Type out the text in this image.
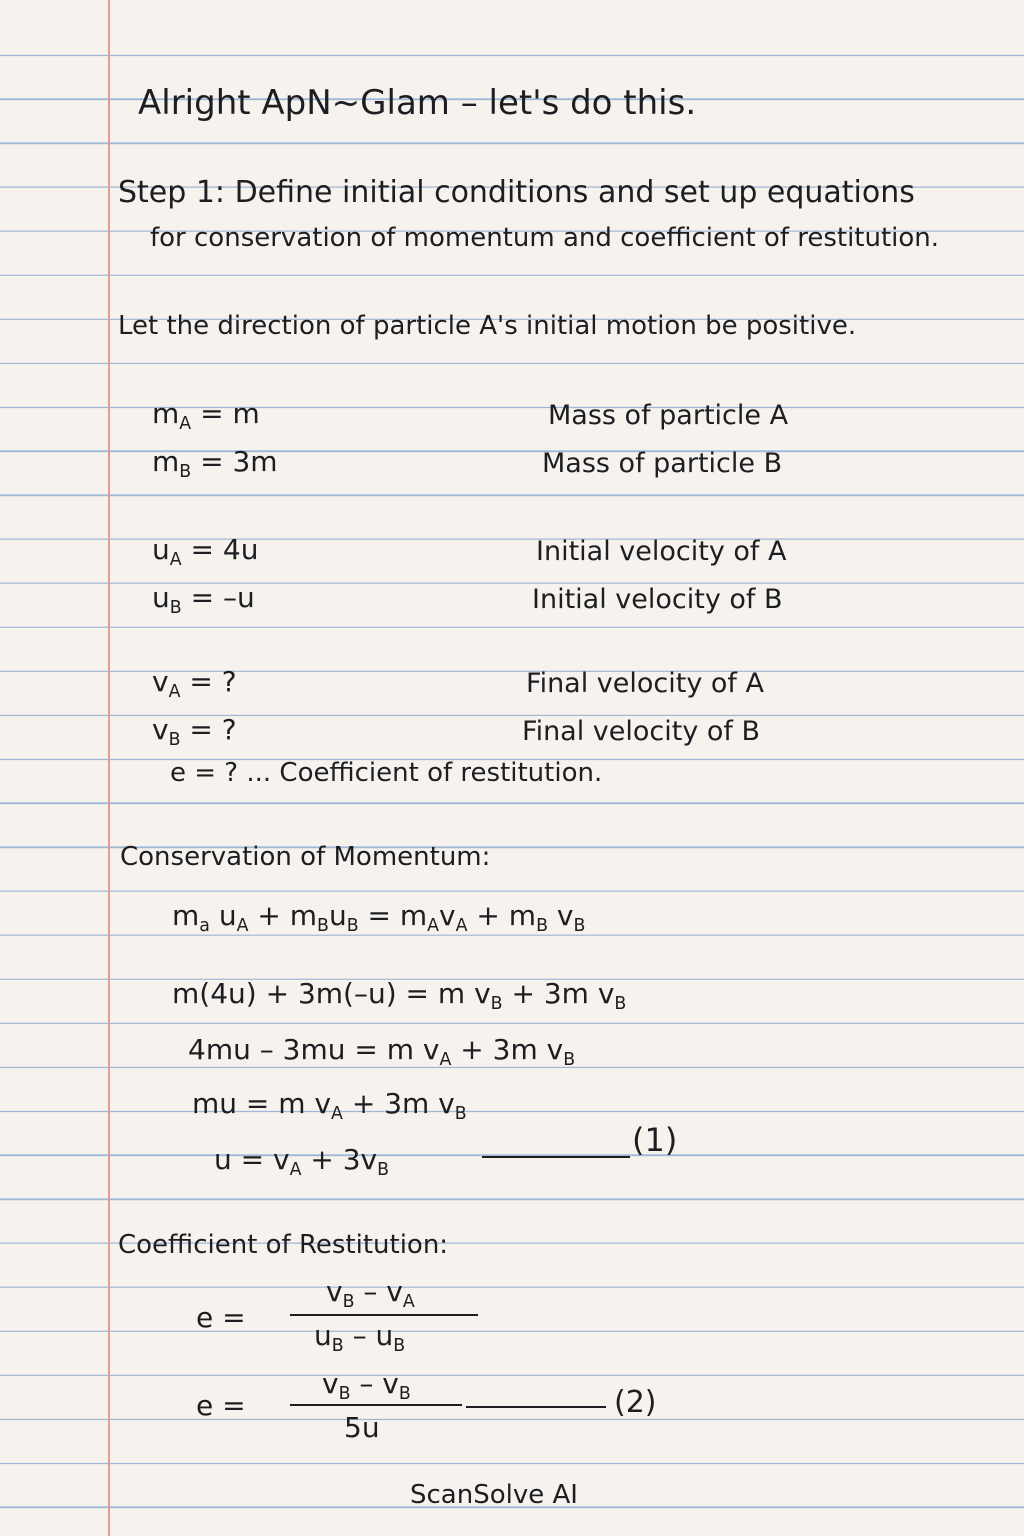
Alright ApN~Glam – let's do this.
Step 1: Define initial conditions and set up equations
for conservation of momentum and coefficient of restitution.
Let the direction of particle A's initial motion be positive.
$m_A = m$	Mass of particle A
$m_B = 3m$	Mass of particle B
$u_A = 4u$	Initial velocity of A
$u_B = -u$	Initial velocity of B
$v_A$ = ?	Final velocity of A
$v_B$ = ?	Final velocity of B
e = ? ... Coefficient of restitution.
Conservation of Momentum:
$m_a$ $u_A + m_Bu_B = m_Av_A + m_B$ $v_B$
m(4u) + 3m(–u) = m $v_B + 3m$ $v_B$
4mu – 3mu = m $v_A + 3m$ $v_B$
mu = m $v_A + 3m$ $v_B$
$u = v_A + 3v_B$
(1)
Coefficient of Restitution:
e =
$v_B - v_A$
$u_B - u_B$
e =
$v_B - v_B$
5u
(2)
ScanSolve AI
